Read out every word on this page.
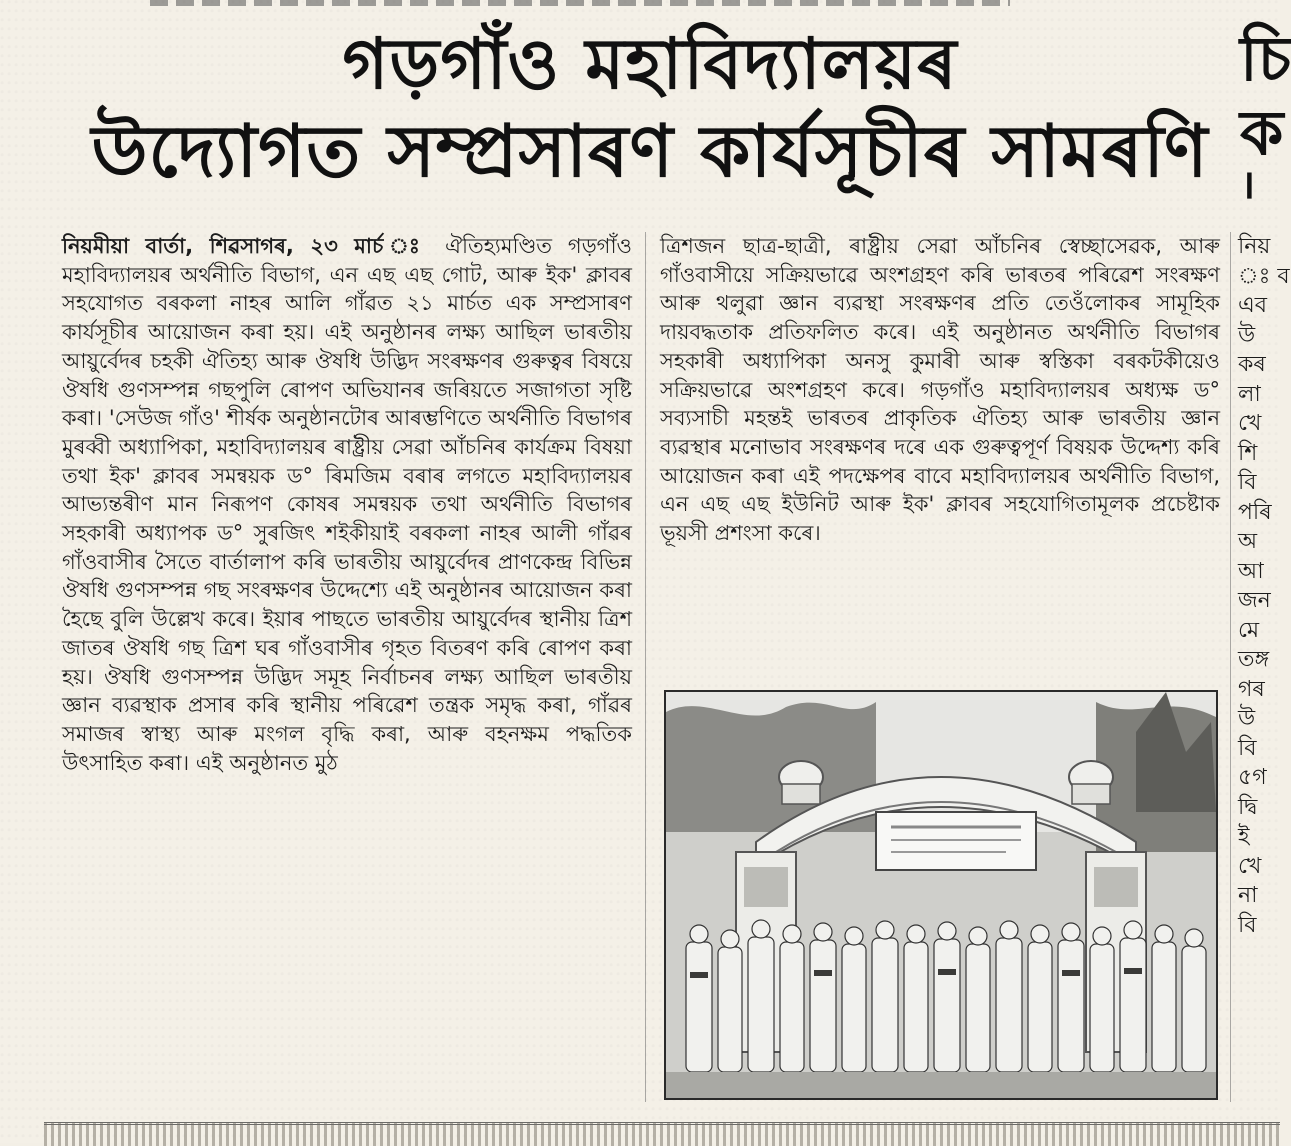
গড়গাঁও মহাবিদ্যালয়ৰ
উদ্যোগত সম্প্ৰসাৰণ কাৰ্যসূচীৰ সামৰণি
চি
ক
।
নিয়মীয়া বাৰ্তা, শিৱসাগৰ, ২৩ মাৰ্চ ঃ ঐতিহ্যমণ্ডিত গড়গাঁও মহাবিদ্যালয়ৰ অৰ্থনীতি বিভাগ, এন এছ এছ গোট, আৰু ইক' ক্লাবৰ সহযোগত বৰকলা নাহৰ আলি গাঁৱত ২১ মাৰ্চত এক সম্প্ৰসাৰণ কাৰ্যসূচীৰ আয়োজন কৰা হয়। এই অনুষ্ঠানৰ লক্ষ্য আছিল ভাৰতীয় আয়ুৰ্বেদৰ চহকী ঐতিহ্য আৰু ঔষধি উদ্ভিদ সংৰক্ষণৰ গুৰুত্বৰ বিষয়ে ঔষধি গুণসম্পন্ন গছপুলি ৰোপণ অভিযানৰ জৰিয়তে সজাগতা সৃষ্টি কৰা। 'সেউজ গাঁও' শীৰ্ষক অনুষ্ঠানটোৰ আৰম্ভণিতে অৰ্থনীতি বিভাগৰ মুৰব্বী অধ্যাপিকা, মহাবিদ্যালয়ৰ ৰাষ্ট্ৰীয় সেৱা আঁচনিৰ কাৰ্যক্ৰম বিষয়া তথা ইক' ক্লাবৰ সমন্বয়ক ড° ৰিমজিম বৰাৰ লগতে মহাবিদ্যালয়ৰ আভ্যন্তৰীণ মান নিৰূপণ কোষৰ সমন্বয়ক তথা অৰ্থনীতি বিভাগৰ সহকাৰী অধ্যাপক ড° সুৰজিৎ শইকীয়াই বৰকলা নাহৰ আলী গাঁৱৰ গাঁওবাসীৰ সৈতে বাৰ্তালাপ কৰি ভাৰতীয় আয়ুৰ্বেদৰ প্ৰাণকেন্দ্ৰ বিভিন্ন ঔষধি গুণসম্পন্ন গছ সংৰক্ষণৰ উদ্দেশ্যে এই অনুষ্ঠানৰ আয়োজন কৰা হৈছে বুলি উল্লেখ কৰে। ইয়াৰ পাছতে ভাৰতীয় আয়ুৰ্বেদৰ স্থানীয় ত্ৰিশ জাতৰ ঔষধি গছ ত্ৰিশ ঘৰ গাঁওবাসীৰ গৃহত বিতৰণ কৰি ৰোপণ কৰা হয়। ঔষধি গুণসম্পন্ন উদ্ভিদ সমূহ নিৰ্বাচনৰ লক্ষ্য আছিল ভাৰতীয় জ্ঞান ব্যৱস্থাক প্ৰসাৰ কৰি স্থানীয় পৰিৱেশ তন্ত্ৰক সমৃদ্ধ কৰা, গাঁৱৰ সমাজৰ স্বাস্থ্য আৰু মংগল বৃদ্ধি কৰা, আৰু বহনক্ষম পদ্ধতিক উৎসাহিত কৰা। এই অনুষ্ঠানত মুঠ
ত্ৰিশজন ছাত্ৰ-ছাত্ৰী, ৰাষ্ট্ৰীয় সেৱা আঁচনিৰ স্বেচ্ছাসেৱক, আৰু গাঁওবাসীয়ে সক্ৰিয়ভাৱে অংশগ্ৰহণ কৰি ভাৰতৰ পৰিৱেশ সংৰক্ষণ আৰু থলুৱা জ্ঞান ব্যৱস্থা সংৰক্ষণৰ প্ৰতি তেওঁলোকৰ সামূহিক দায়বদ্ধতাক প্ৰতিফলিত কৰে। এই অনুষ্ঠানত অৰ্থনীতি বিভাগৰ সহকাৰী অধ্যাপিকা অনসু কুমাৰী আৰু স্বস্তিকা বৰকটকীয়েও সক্ৰিয়ভাৱে অংশগ্ৰহণ কৰে। গড়গাঁও মহাবিদ্যালয়ৰ অধ্যক্ষ ড° সব্যসাচী মহন্তই ভাৰতৰ প্ৰাকৃতিক ঐতিহ্য আৰু ভাৰতীয় জ্ঞান ব্যৱস্থাৰ মনোভাব সংৰক্ষণৰ দৰে এক গুৰুত্বপূৰ্ণ বিষয়ক উদ্দেশ্য কৰি আয়োজন কৰা এই পদক্ষেপৰ বাবে মহাবিদ্যালয়ৰ অৰ্থনীতি বিভাগ, এন এছ এছ ইউনিট আৰু ইক' ক্লাবৰ সহযোগিতামূলক প্ৰচেষ্টাক ভূয়সী প্ৰশংসা কৰে।
নিয়
ঃ ব
এব
উ
কৰ
লা
খে
শি
বি
পৰি
অ
আ
জন
মে
তঙ্গ
গৰ
উ
বি
৫গ
দ্বি
ই
খে
না
বি
